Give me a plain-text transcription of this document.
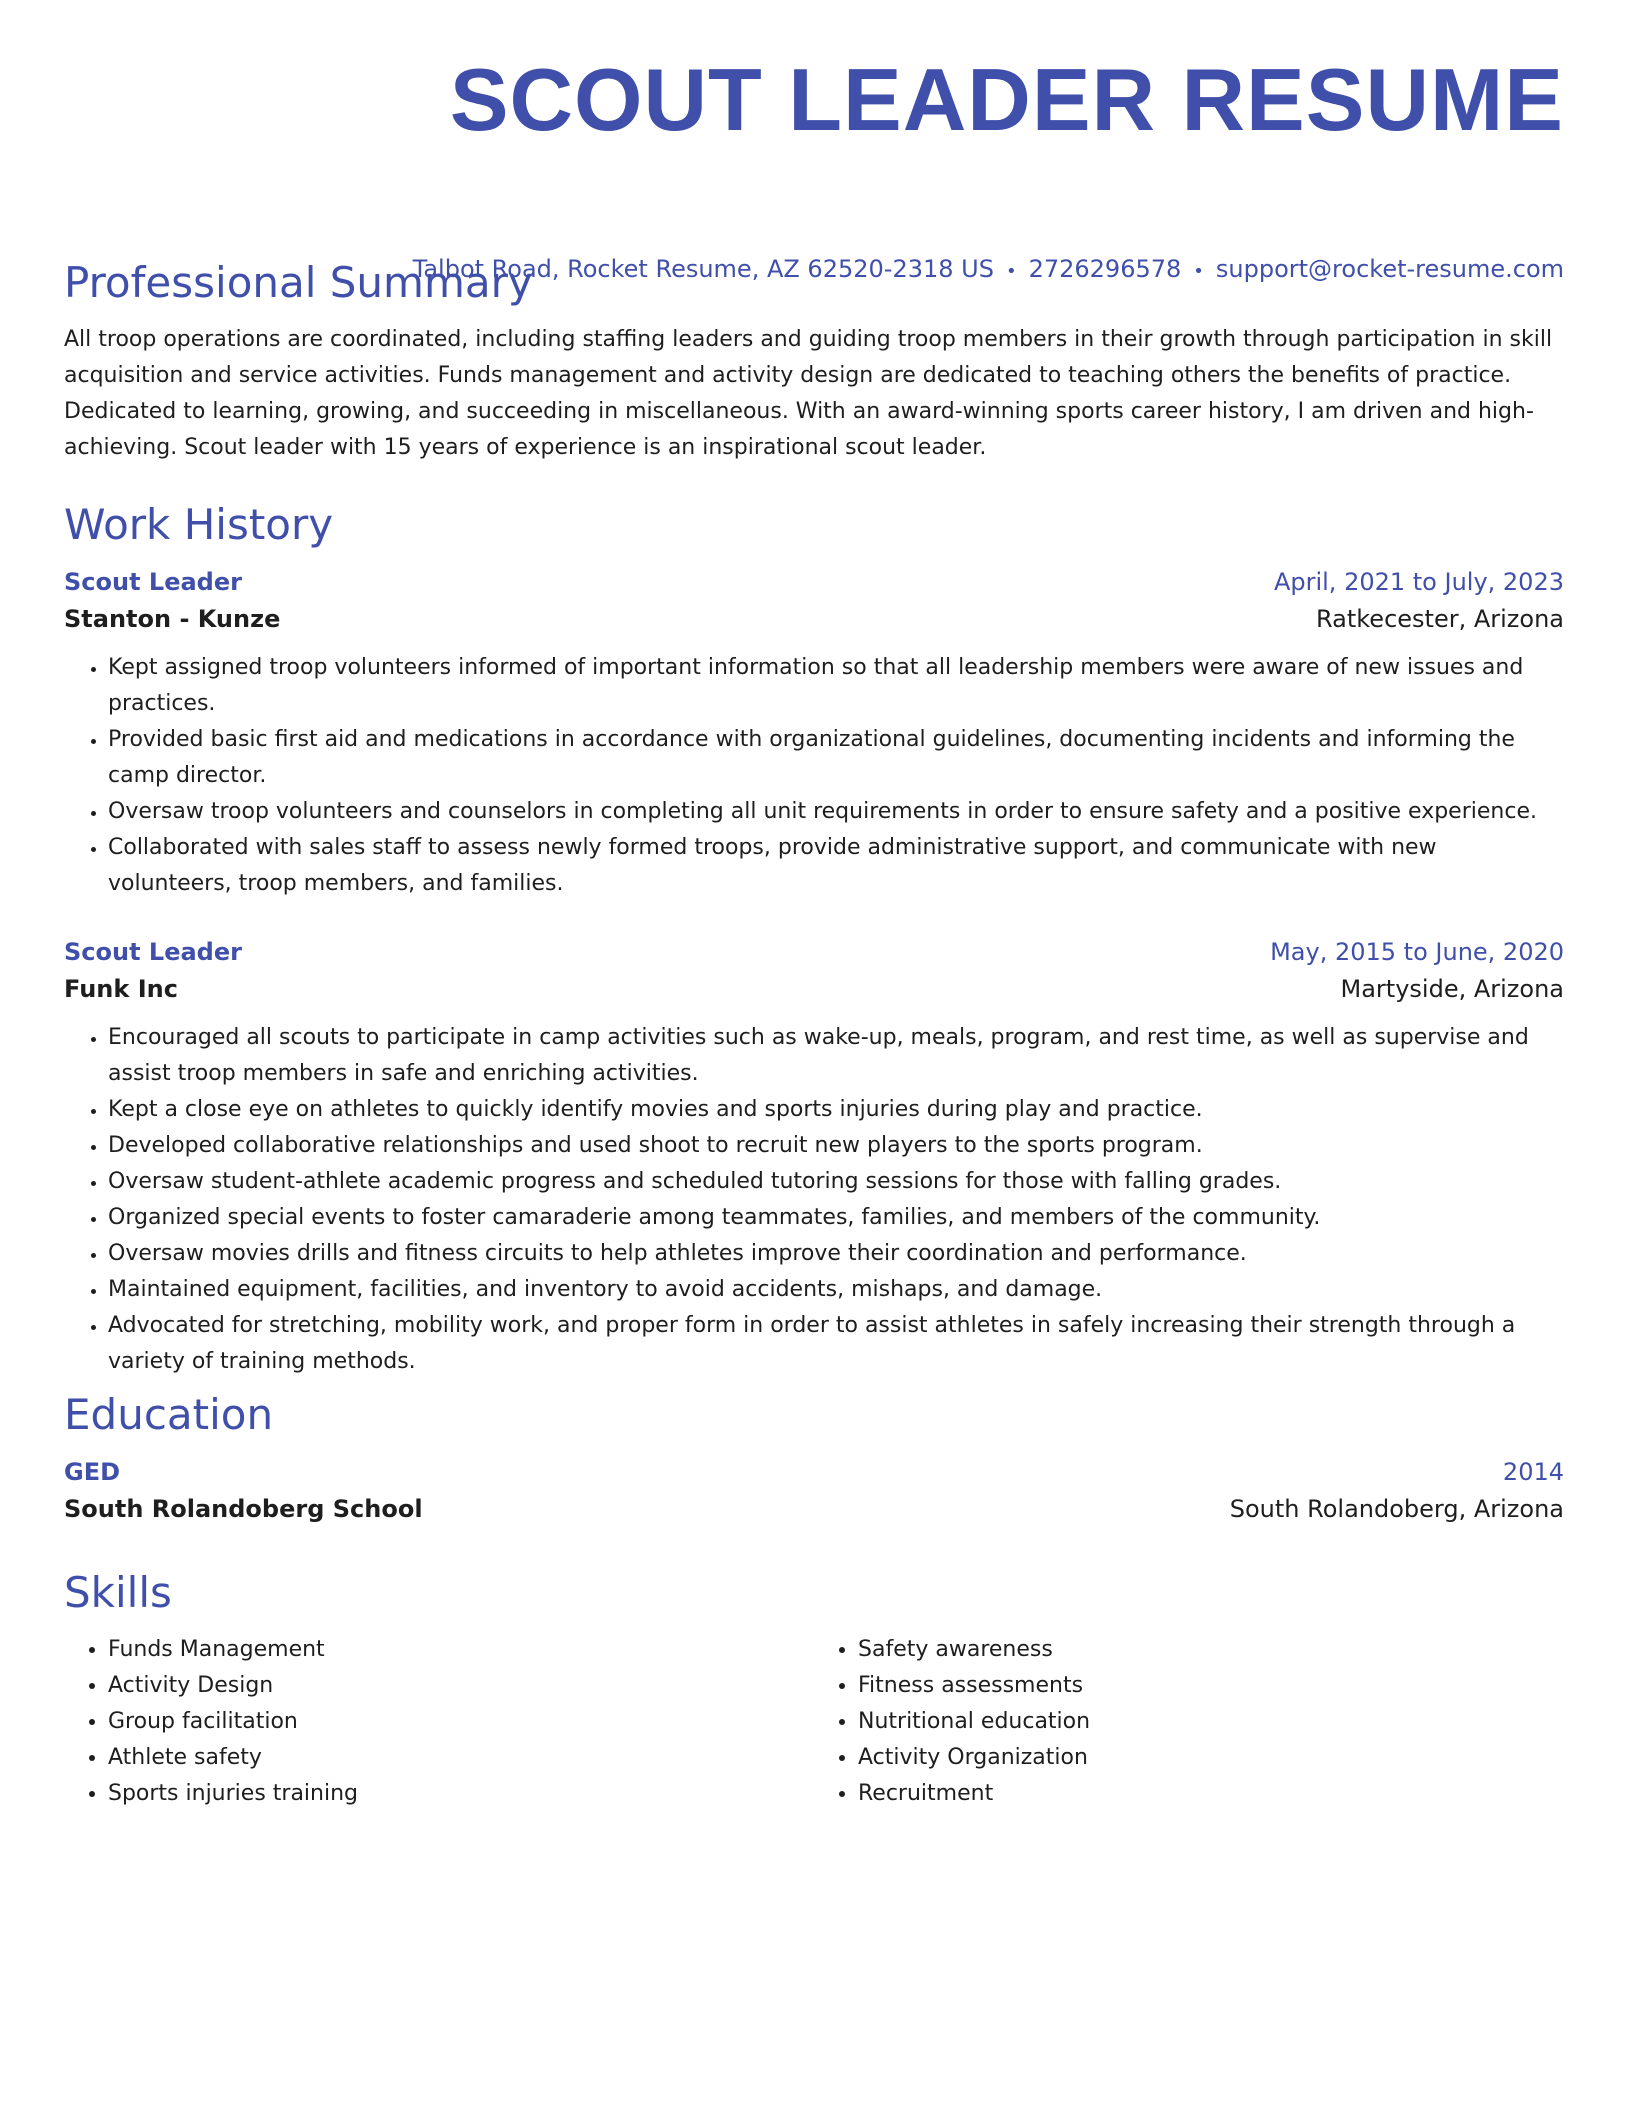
SCOUT LEADER RESUME
Talbot Road, Rocket Resume, AZ 62520-2318 US • 2726296578 • support@rocket-resume.com
Professional Summary

All troop operations are coordinated, including staffing leaders and guiding troop members in their growth through participation in skill acquisition and service activities. Funds management and activity design are dedicated to teaching others the benefits of practice. Dedicated to learning, growing, and succeeding in miscellaneous. With an award-winning sports career history, I am driven and high-achieving. Scout leader with 15 years of experience is an inspirational scout leader.

Work History
Scout Leader	April, 2021 to July, 2023
Stanton - Kunze	Ratkecester, Arizona
• Kept assigned troop volunteers informed of important information so that all leadership members were aware of new issues and practices.
• Provided basic first aid and medications in accordance with organizational guidelines, documenting incidents and informing the camp director.
• Oversaw troop volunteers and counselors in completing all unit requirements in order to ensure safety and a positive experience.
• Collaborated with sales staff to assess newly formed troops, provide administrative support, and communicate with new volunteers, troop members, and families.
Scout Leader	May, 2015 to June, 2020
Funk Inc	Martyside, Arizona
• Encouraged all scouts to participate in camp activities such as wake-up, meals, program, and rest time, as well as supervise and assist troop members in safe and enriching activities.
• Kept a close eye on athletes to quickly identify movies and sports injuries during play and practice.
• Developed collaborative relationships and used shoot to recruit new players to the sports program.
• Oversaw student-athlete academic progress and scheduled tutoring sessions for those with falling grades.
• Organized special events to foster camaraderie among teammates, families, and members of the community.
• Oversaw movies drills and fitness circuits to help athletes improve their coordination and performance.
• Maintained equipment, facilities, and inventory to avoid accidents, mishaps, and damage.
• Advocated for stretching, mobility work, and proper form in order to assist athletes in safely increasing their strength through a variety of training methods.
Education
GED	2014
South Rolandoberg School	South Rolandoberg, Arizona
Skills
• Funds Management
• Activity Design
• Group facilitation
• Athlete safety
• Sports injuries training
• Safety awareness
• Fitness assessments
• Nutritional education
• Activity Organization
• Recruitment
